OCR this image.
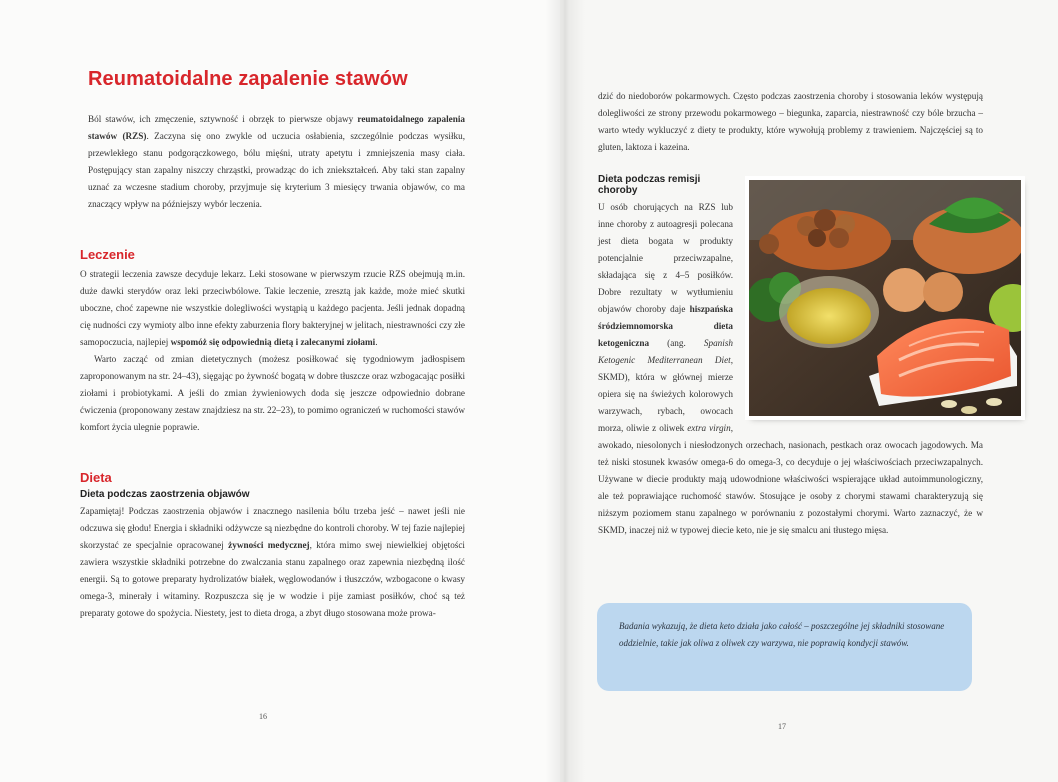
Reumatoidalne zapalenie stawów

Ból stawów, ich zmęczenie, sztywność i obrzęk to pierwsze objawy reumatoidalnego zapalenia stawów (RZS). Zaczyna się ono zwykle od uczucia osłabienia, szczególnie podczas wysiłku, przewlekłego stanu podgorączkowego, bólu mięśni, utraty apetytu i zmniejszenia masy ciała. Postępujący stan zapalny niszczy chrząstki, prowadząc do ich zniekształceń. Aby taki stan zapalny uznać za wczesne stadium choroby, przyjmuje się kryterium 3 miesięcy trwania objawów, co ma znaczący wpływ na późniejszy wybór leczenia.

Leczenie

O strategii leczenia zawsze decyduje lekarz. Leki stosowane w pierwszym rzucie RZS obejmują m.in. duże dawki sterydów oraz leki przeciwbólowe. Takie leczenie, zresztą jak każde, może mieć skutki uboczne, choć zapewne nie wszystkie dolegliwości wystąpią u każdego pacjenta. Jeśli jednak dopadną cię nudności czy wymioty albo inne efekty zaburzenia flory bakteryjnej w jelitach, niestrawności czy złe samopoczucia, najlepiej wspomóż się odpowiednią dietą i zalecanymi ziołami.

Warto zacząć od zmian dietetycznych (możesz posiłkować się tygodniowym jadłospisem zaproponowanym na str. 24–43), sięgając po żywność bogatą w dobre tłuszcze oraz wzbogacając posiłki ziołami i probiotykami. A jeśli do zmian żywieniowych doda się jeszcze odpowiednio dobrane ćwiczenia (proponowany zestaw znajdziesz na str. 22–23), to pomimo ograniczeń w ruchomości stawów komfort życia ulegnie poprawie.

Dieta
Dieta podczas zaostrzenia objawów

Zapamiętaj! Podczas zaostrzenia objawów i znacznego nasilenia bólu trzeba jeść – nawet jeśli nie odczuwa się głodu! Energia i składniki odżywcze są niezbędne do kontroli choroby. W tej fazie najlepiej skorzystać ze specjalnie opracowanej żywności medycznej, która mimo swej niewielkiej objętości zawiera wszystkie składniki potrzebne do zwalczania stanu zapalnego oraz zapewnia niezbędną ilość energii. Są to gotowe preparaty hydrolizatów białek, węglowodanów i tłuszczów, wzbogacone o kwasy omega-3, minerały i witaminy. Rozpuszcza się je w wodzie i pije zamiast posiłków, choć są też preparaty gotowe do spożycia. Niestety, jest to dieta droga, a zbyt długo stosowana może prowa-

16
17

dzić do niedoborów pokarmowych. Często podczas zaostrzenia choroby i stosowania leków występują dolegliwości ze strony przewodu pokarmowego – biegunka, zaparcia, niestrawność czy bóle brzucha – warto wtedy wykluczyć z diety te produkty, które wywołują problemy z trawieniem. Najczęściej są to gluten, laktoza i kazeina.

Dieta podczas remisji choroby

U osób chorujących na RZS lub inne choroby z autoagresji polecana jest dieta bogata w produkty potencjalnie przeciwzapalne, składająca się z 4–5 posiłków. Dobre rezultaty w wytłumieniu objawów choroby daje hiszpańska śródziemnomorska dieta ketogeniczna (ang. Spanish Ketogenic Mediterranean Diet, SKMD), która w głównej mierze opiera się na świeżych kolorowych warzywach, rybach, owocach morza, oliwie z oliwek extra virgin, awokado, niesolonych i niesłodzonych orzechach, nasionach, pestkach oraz owocach jagodowych. Ma też niski stosunek kwasów omega-6 do omega-3, co decyduje o jej właściwościach przeciwzapalnych. Używane w diecie produkty mają udowodnione właściwości wspierające układ autoimmunologiczny, ale też poprawiające ruchomość stawów. Stosujące je osoby z chorymi stawami charakteryzują się niższym poziomem stanu zapalnego w porównaniu z pozostałymi chorymi. Warto zaznaczyć, że w SKMD, inaczej niż w typowej diecie keto, nie je się smalcu ani tłustego mięsa.

Badania wykazują, że dieta keto działa jako całość – poszczególne jej składniki stosowane oddzielnie, takie jak oliwa z oliwek czy warzywa, nie poprawią kondycji stawów.
